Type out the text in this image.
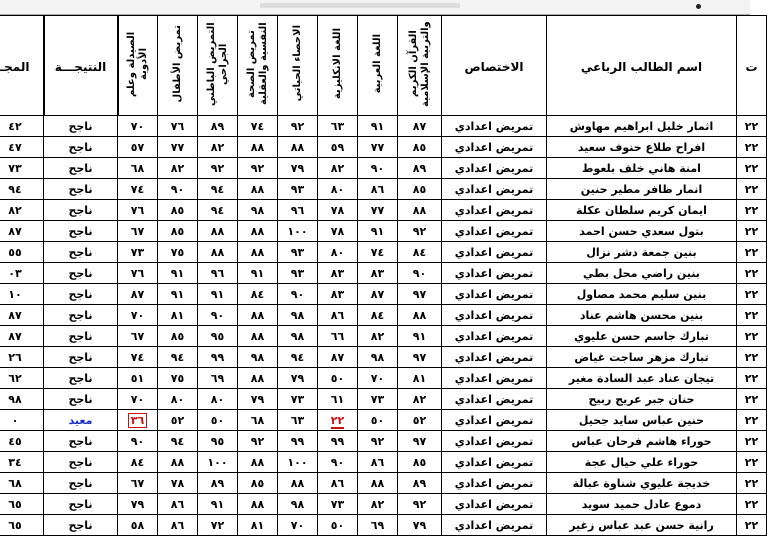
ت	اسم الطالب الرباعي	الاختصاص	القرآن الكريم والتربية الإسلامية	اللغة العربية	اللغة الانكليزية	الاحصاء الحياتي	تمريض الصحة النفسية والعقلية	التمريض الباطني الجراحي	تمريض الأطفال	الصيدلة وعلم الأدوية	النتيجـــة	المجـ
٢٢	اثمار خليل ابراهيم مهاوش	تمريض اعدادي	٨٧	٩١	٦٣	٩٢	٧٤	٨٩	٧٦	٧٠	ناجح	٤٢
٢٢	افراح طلاع حنوف سعيد	تمريض اعدادي	٨٥	٧٧	٥٩	٨٨	٨٨	٨٢	٧٧	٥٧	ناجح	٤٧
٢٢	امنة هاني خلف بلعوط	تمريض اعدادي	٨٩	٩٠	٨٢	٧٩	٩٢	٩٢	٨٢	٦٨	ناجح	٧٣
٢٢	انمار ظافر مطير حنين	تمريض اعدادي	٨٥	٨٦	٨٠	٩٣	٨٨	٩٤	٩٠	٧٤	ناجح	٩٤
٢٢	ايمان كريم سلطان عكلة	تمريض اعدادي	٨٨	٧٧	٧٨	٩٦	٩٨	٩٤	٨٥	٧٦	ناجح	٨٢
٢٢	بتول سعدي حسن احمد	تمريض اعدادي	٩٢	٩١	٧٨	١٠٠	٨٨	٨٨	٨٥	٦٧	ناجح	٨٧
٢٢	بنين جمعة دشر نزال	تمريض اعدادي	٨٤	٧٤	٨٠	٩٣	٨٨	٨٨	٧٥	٧٣	ناجح	٥٥
٢٢	بنين راضي محل بطي	تمريض اعدادي	٩٠	٨٣	٨٣	٩٣	٩١	٩٦	٩١	٧٦	ناجح	٠٣
٢٢	بنين سليم محمد مصاول	تمريض اعدادي	٩٧	٨٧	٨٣	٩٠	٨٤	٩١	٩١	٨٧	ناجح	١٠
٢٢	بنين محسن هاشم عناد	تمريض اعدادي	٨٨	٨٤	٨٦	٩٨	٨٨	٩٠	٨١	٧٠	ناجح	٨٧
٢٢	تبارك جاسم حسن عليوي	تمريض اعدادي	٩١	٨٢	٦٦	٩٨	٨٨	٩٥	٨٥	٦٧	ناجح	٨٧
٢٢	تبارك مزهر ساجت غياض	تمريض اعدادي	٩٧	٩٨	٨٧	٩٤	٩٨	٩٩	٩٤	٧٤	ناجح	٢٦
٢٢	تيجان عناد عبد السادة مغير	تمريض اعدادي	٨١	٧٠	٥٠	٧٩	٨٨	٦٩	٧٥	٥١	ناجح	٦٢
٢٢	حنان جبر عريج ربيح	تمريض اعدادي	٨٢	٧٣	٦١	٧٣	٧٩	٨٠	٨٠	٧٠	ناجح	٩٨
٢٢	حنين عباس سايد جحيل	تمريض اعدادي	٥٢	٥٠	٢٢	٦٣	٦٨	٥٠	٥٢	٣٦	معيد	٠
٢٢	حوراء هاشم فرحان عباس	تمريض اعدادي	٩٧	٩٢	٩٩	٩٩	٩٢	٩٥	٩٤	٩٠	ناجح	٤٥
٢٢	حوراء علي حيال عجة	تمريض اعدادي	٨٥	٨٦	٩٠	١٠٠	٨٨	١٠٠	٨٨	٨٤	ناجح	٣٤
٢٢	خديجة عليوي شناوة عبالة	تمريض اعدادي	٨٩	٨٨	٨٦	٨٨	٨٥	٨٩	٧٨	٦٧	ناجح	٦٨
٢٢	دموع عادل حميد سويد	تمريض اعدادي	٩٢	٨٢	٧٣	٩٨	٨٨	٩١	٨٦	٧٩	ناجح	٦٥
٢٢	رانية حسن عبد عباس زغير	تمريض اعدادي	٧٩	٦٩	٥٠	٧٠	٨١	٧٢	٨٦	٥٨	ناجح	٦٥
